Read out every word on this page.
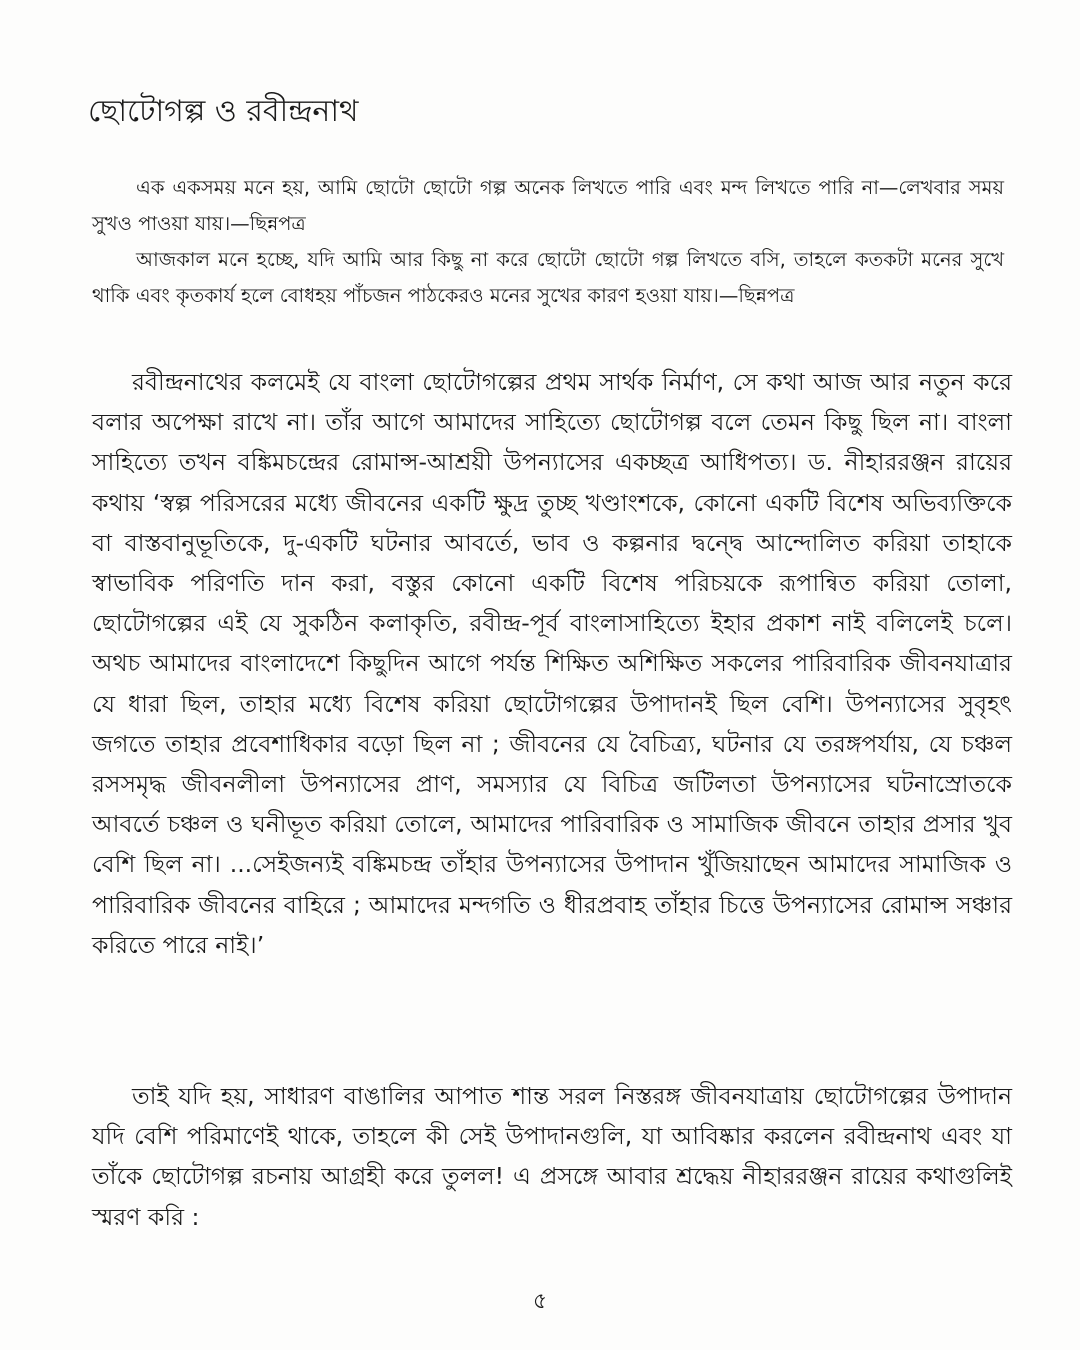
ছোটোগল্প ও রবীন্দ্রনাথ

এক একসময় মনে হয়, আমি ছোটো ছোটো গল্প অনেক লিখতে পারি এবং মন্দ লিখতে পারি না—লেখবার সময় সুখও পাওয়া যায়।—ছিন্নপত্র

আজকাল মনে হচ্ছে, যদি আমি আর কিছু না করে ছোটো ছোটো গল্প লিখতে বসি, তাহলে কতকটা মনের সুখে থাকি এবং কৃতকার্য হলে বোধহয় পাঁচজন পাঠকেরও মনের সুখের কারণ হওয়া যায়।—ছিন্নপত্র

রবীন্দ্রনাথের কলমেই যে বাংলা ছোটোগল্পের প্রথম সার্থক নির্মাণ, সে কথা আজ আর নতুন করে বলার অপেক্ষা রাখে না। তাঁর আগে আমাদের সাহিত্যে ছোটোগল্প বলে তেমন কিছু ছিল না। বাংলা সাহিত্যে তখন বঙ্কিমচন্দ্রের রোমান্স-আশ্রয়ী উপন্যাসের একচ্ছত্র আধিপত্য। ড. নীহাররঞ্জন রায়ের কথায় ‘স্বল্প পরিসরের মধ্যে জীবনের একটি ক্ষুদ্র তুচ্ছ খণ্ডাংশকে, কোনো একটি বিশেষ অভিব্যক্তিকে বা বাস্তবানুভূতিকে, দু-একটি ঘটনার আবর্তে, ভাব ও কল্পনার দ্বন্দ্বে আন্দোলিত করিয়া তাহাকে স্বাভাবিক পরিণতি দান করা, বস্তুর কোনো একটি বিশেষ পরিচয়কে রূপান্বিত করিয়া তোলা, ছোটোগল্পের এই যে সুকঠিন কলাকৃতি, রবীন্দ্র-পূর্ব বাংলাসাহিত্যে ইহার প্রকাশ নাই বলিলেই চলে। অথচ আমাদের বাংলাদেশে কিছুদিন আগে পর্যন্ত শিক্ষিত অশিক্ষিত সকলের পারিবারিক জীবনযাত্রার যে ধারা ছিল, তাহার মধ্যে বিশেষ করিয়া ছোটোগল্পের উপাদানই ছিল বেশি। উপন্যাসের সুবৃহৎ জগতে তাহার প্রবেশাধিকার বড়ো ছিল না ; জীবনের যে বৈচিত্র্য, ঘটনার যে তরঙ্গপর্যায়, যে চঞ্চল রসসমৃদ্ধ জীবনলীলা উপন্যাসের প্রাণ, সমস্যার যে বিচিত্র জটিলতা উপন্যাসের ঘটনাস্রোতকে আবর্তে চঞ্চল ও ঘনীভূত করিয়া তোলে, আমাদের পারিবারিক ও সামাজিক জীবনে তাহার প্রসার খুব বেশি ছিল না। ...সেইজন্যই বঙ্কিমচন্দ্র তাঁহার উপন্যাসের উপাদান খুঁজিয়াছেন আমাদের সামাজিক ও পারিবারিক জীবনের বাহিরে ; আমাদের মন্দগতি ও ধীরপ্রবাহ তাঁহার চিত্তে উপন্যাসের রোমান্স সঞ্চার করিতে পারে নাই।’

তাই যদি হয়, সাধারণ বাঙালির আপাত শান্ত সরল নিস্তরঙ্গ জীবনযাত্রায় ছোটোগল্পের উপাদান যদি বেশি পরিমাণেই থাকে, তাহলে কী সেই উপাদানগুলি, যা আবিষ্কার করলেন রবীন্দ্রনাথ এবং যা তাঁকে ছোটোগল্প রচনায় আগ্রহী করে তুলল! এ প্রসঙ্গে আবার শ্রদ্ধেয় নীহাররঞ্জন রায়ের কথাগুলিই স্মরণ করি :

৫
